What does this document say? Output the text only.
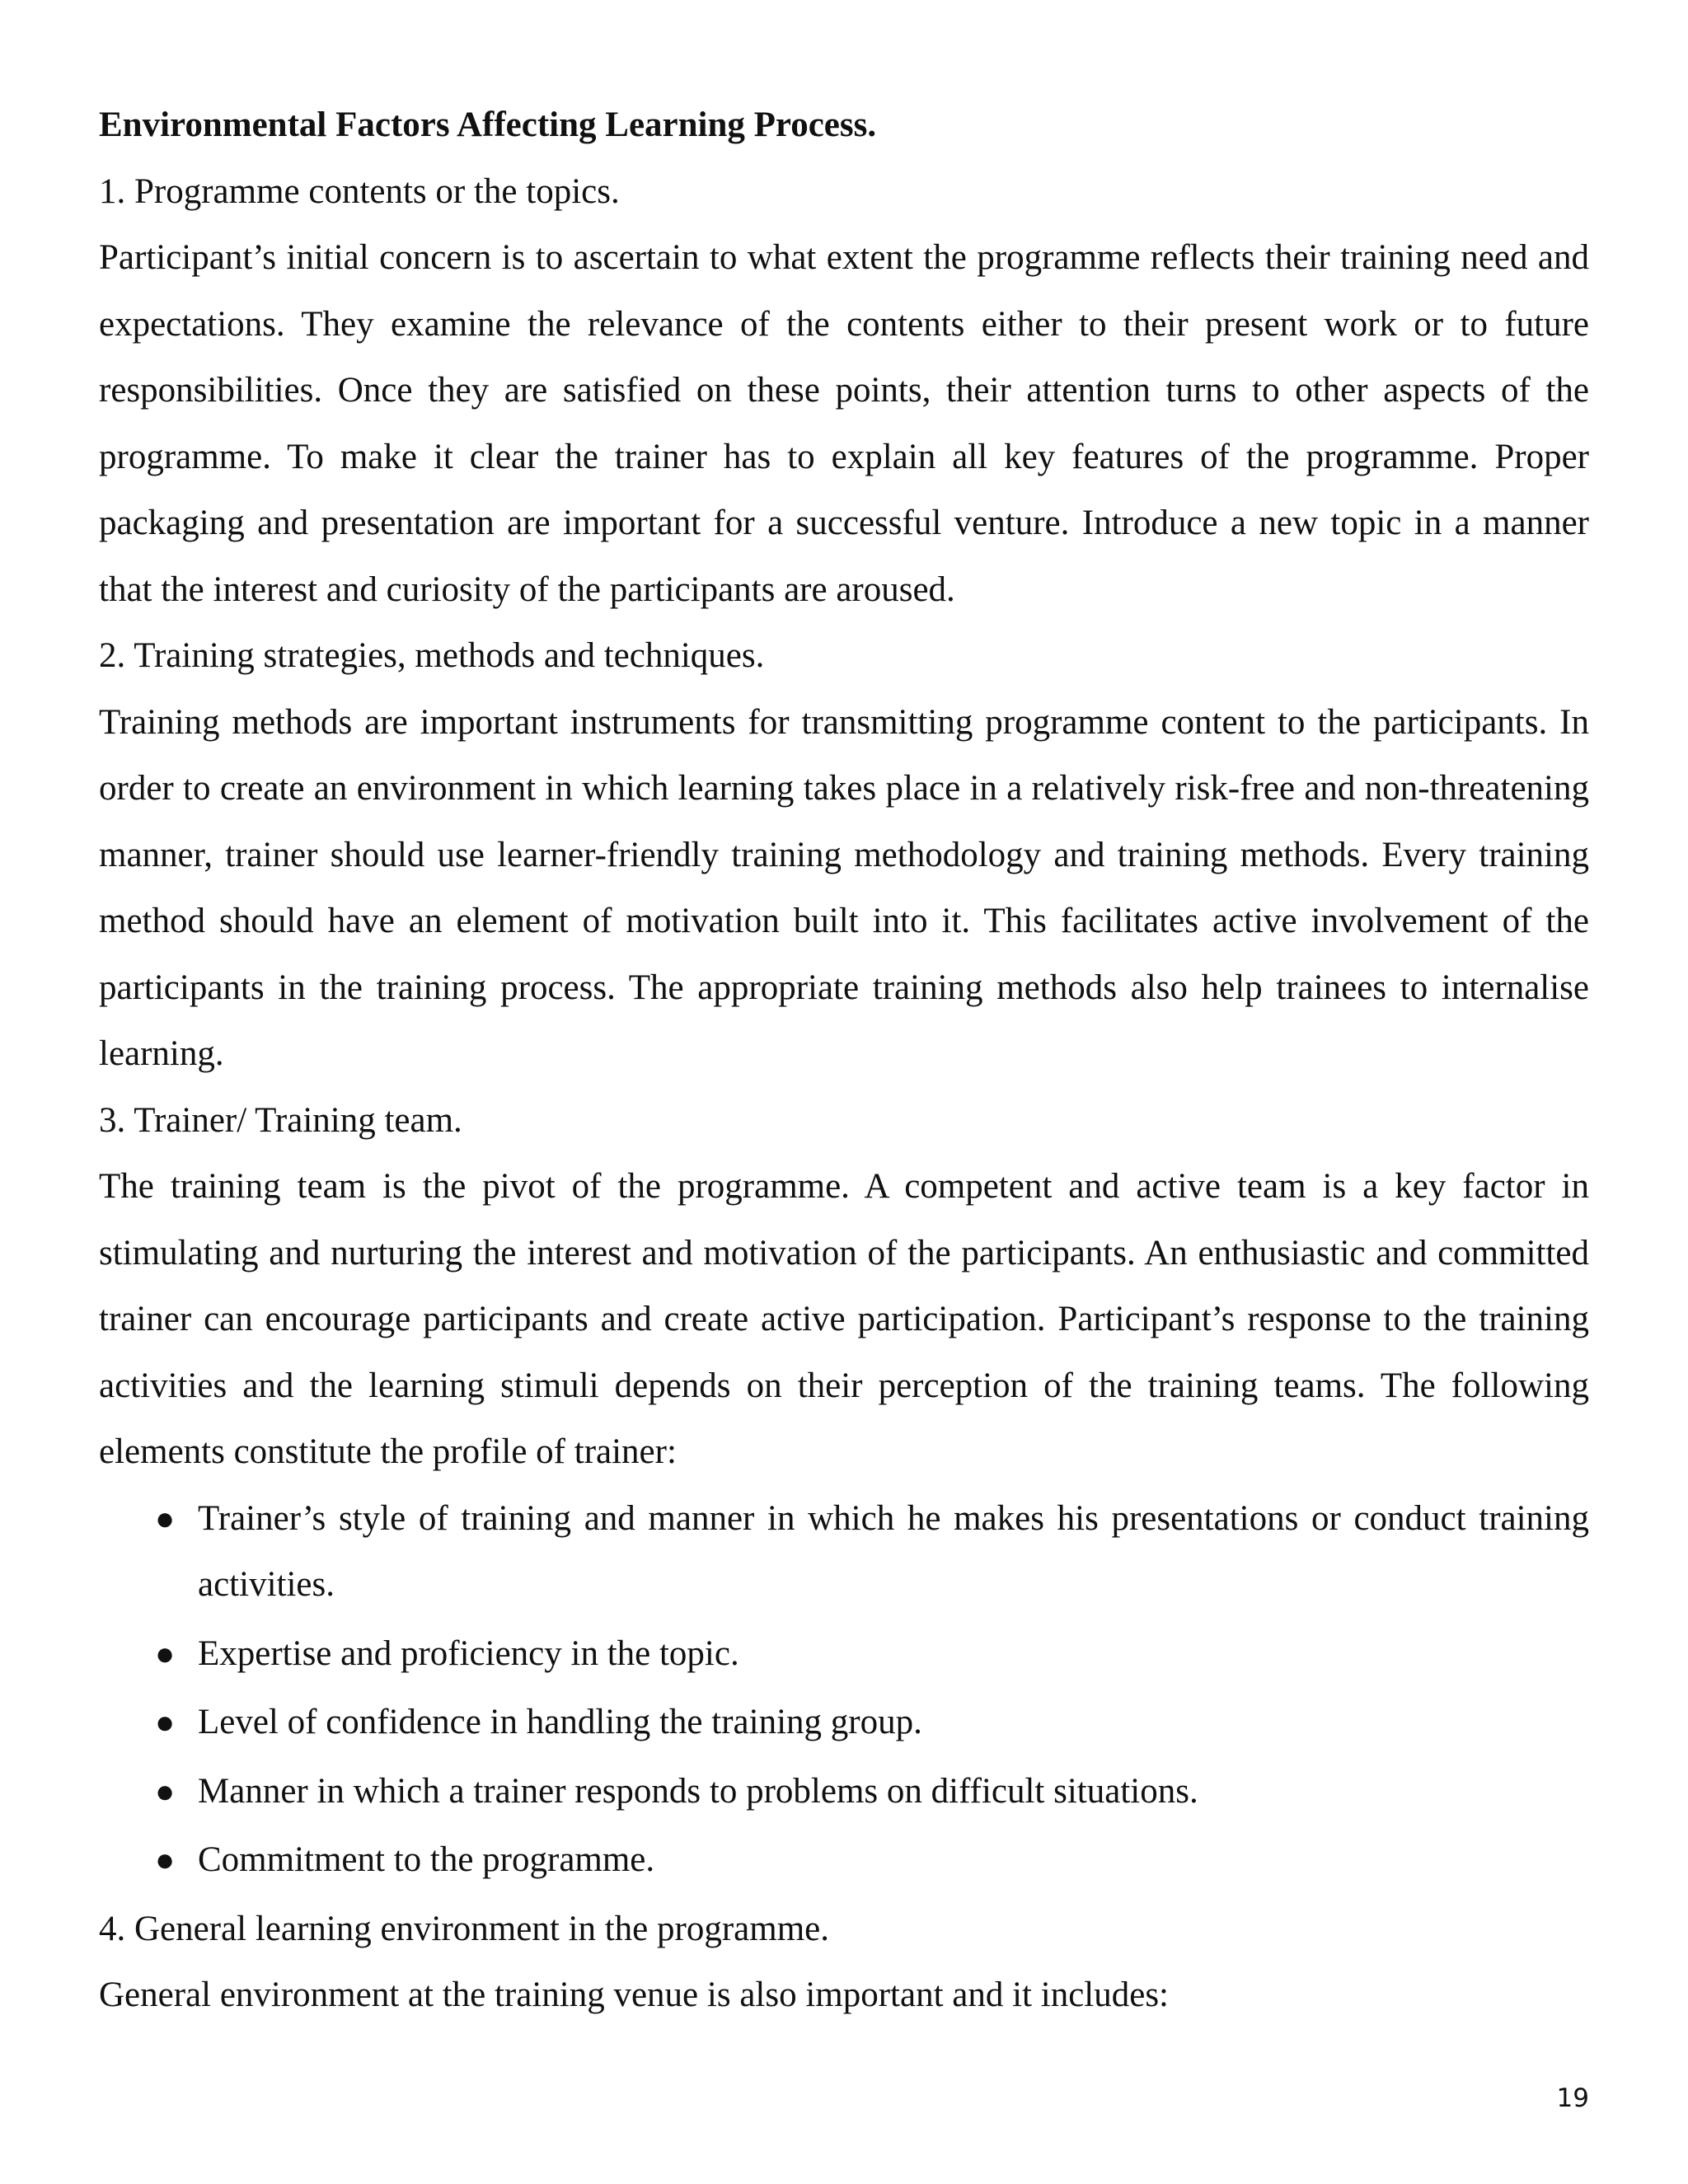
Environmental Factors Affecting Learning Process.

1. Programme contents or the topics.

Participant’s initial concern is to ascertain to what extent the programme reflects their training need and expectations. They examine the relevance of the contents either to their present work or to future responsibilities. Once they are satisfied on these points, their attention turns to other aspects of the programme. To make it clear the trainer has to explain all key features of the programme. Proper packaging and presentation are important for a successful venture. Introduce a new topic in a manner that the interest and curiosity of the participants are aroused.

2. Training strategies, methods and techniques.

Training methods are important instruments for transmitting programme content to the participants. In order to create an environment in which learning takes place in a relatively risk-free and non-threatening manner, trainer should use learner-friendly training methodology and training methods. Every training method should have an element of motivation built into it. This facilitates active involvement of the participants in the training process. The appropriate training methods also help trainees to internalise learning.

3. Trainer/ Training team.

The training team is the pivot of the programme. A competent and active team is a key factor in stimulating and nurturing the interest and motivation of the participants. An enthusiastic and committed trainer can encourage participants and create active participation. Participant’s response to the training activities and the learning stimuli depends on their perception of the training teams. The following elements constitute the profile of trainer:

● Trainer’s style of training and manner in which he makes his presentations or conduct training activities.
● Expertise and proficiency in the topic.
● Level of confidence in handling the training group.
● Manner in which a trainer responds to problems on difficult situations.
● Commitment to the programme.

4. General learning environment in the programme.

General environment at the training venue is also important and it includes:

19
